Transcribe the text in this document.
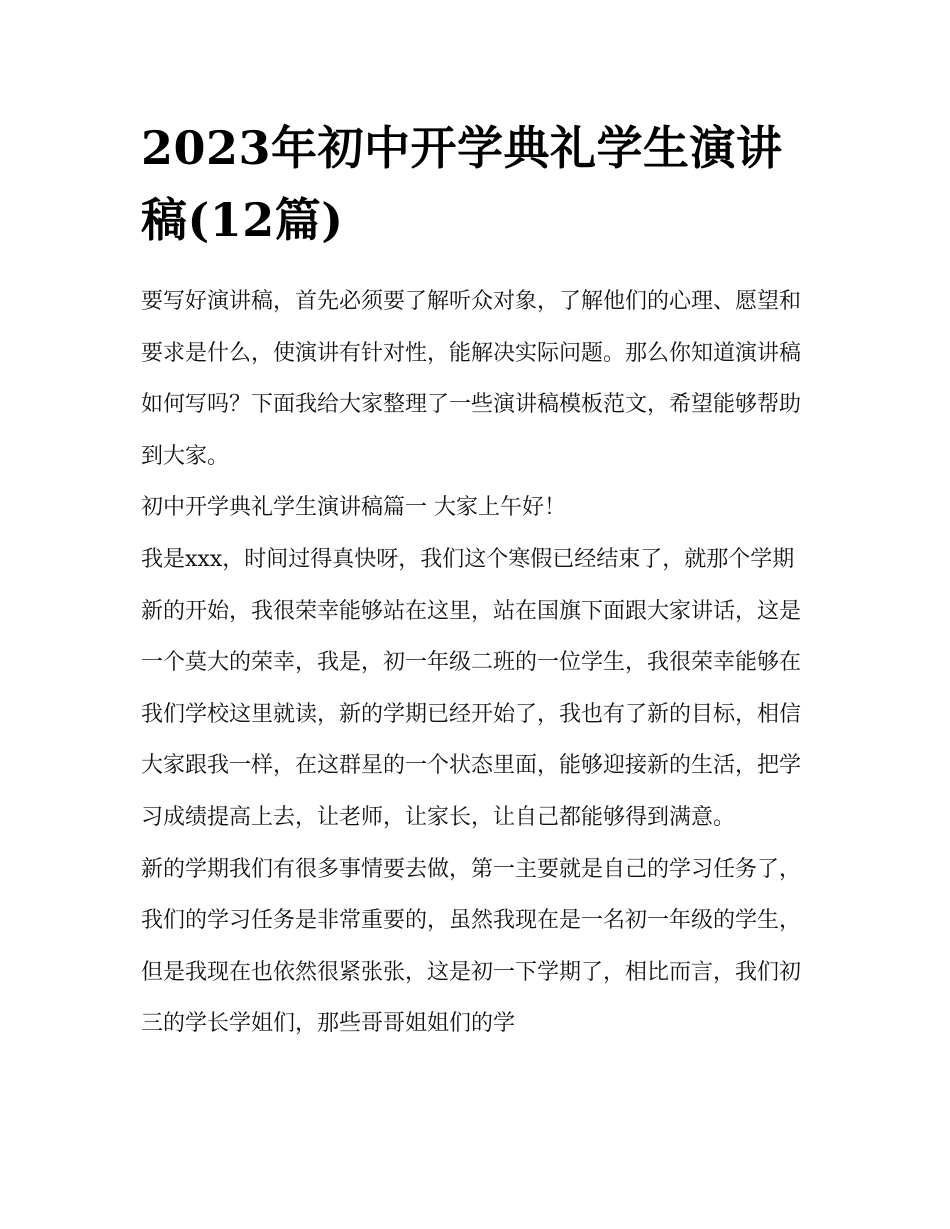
2023年初中开学典礼学生演讲稿(12篇)

要写好演讲稿，首先必须要了解听众对象，了解他们的心理、愿望和要求是什么，使演讲有针对性，能解决实际问题。那么你知道演讲稿如何写吗？下面我给大家整理了一些演讲稿模板范文，希望能够帮助到大家。

初中开学典礼学生演讲稿篇一 大家上午好！

我是xxx，时间过得真快呀，我们这个寒假已经结束了，就那个学期新的开始，我很荣幸能够站在这里，站在国旗下面跟大家讲话，这是一个莫大的荣幸，我是，初一年级二班的一位学生，我很荣幸能够在我们学校这里就读，新的学期已经开始了，我也有了新的目标，相信大家跟我一样，在这群星的一个状态里面，能够迎接新的生活，把学习成绩提高上去，让老师，让家长，让自己都能够得到满意。

新的学期我们有很多事情要去做，第一主要就是自己的学习任务了，我们的学习任务是非常重要的，虽然我现在是一名初一年级的学生，但是我现在也依然很紧张张，这是初一下学期了，相比而言，我们初三的学长学姐们，那些哥哥姐姐们的学
